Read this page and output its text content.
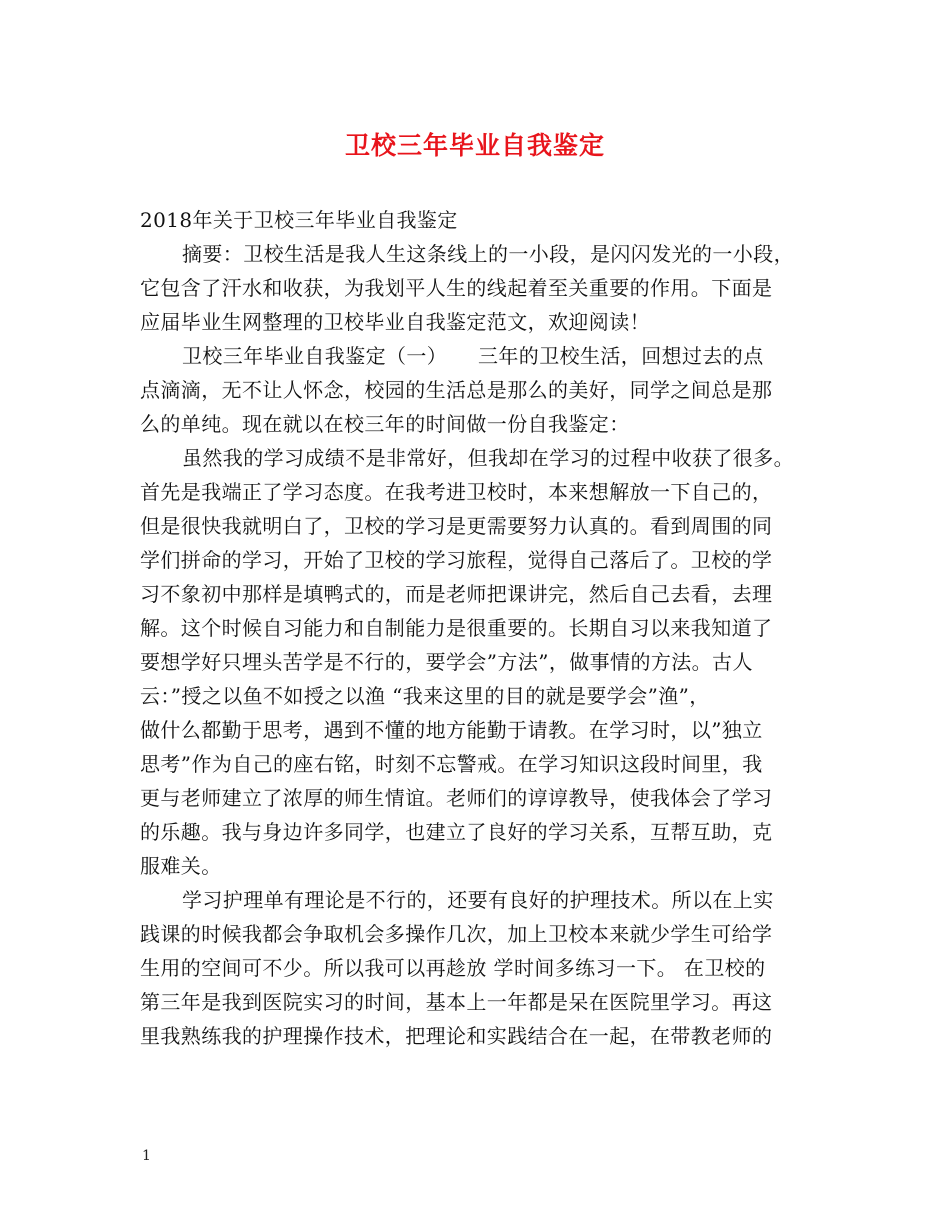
卫校三年毕业自我鉴定
2018年关于卫校三年毕业自我鉴定
摘要：卫校生活是我人生这条线上的一小段，是闪闪发光的一小段，
它包含了汗水和收获，为我划平人生的线起着至关重要的作用。下面是
应届毕业生网整理的卫校毕业自我鉴定范文，欢迎阅读！
卫校三年毕业自我鉴定（一）　　三年的卫校生活，回想过去的点
点滴滴，无不让人怀念，校园的生活总是那么的美好，同学之间总是那
么的单纯。现在就以在校三年的时间做一份自我鉴定：
虽然我的学习成绩不是非常好，但我却在学习的过程中收获了很多。
首先是我端正了学习态度。在我考进卫校时，本来想解放一下自己的，
但是很快我就明白了，卫校的学习是更需要努力认真的。看到周围的同
学们拼命的学习，开始了卫校的学习旅程，觉得自己落后了。卫校的学
习不象初中那样是填鸭式的，而是老师把课讲完，然后自己去看，去理
解。这个时候自习能力和自制能力是很重要的。长期自习以来我知道了
要想学好只埋头苦学是不行的，要学会”方法”，做事情的方法。古人
云：”授之以鱼不如授之以渔 “我来这里的目的就是要学会”渔”，
做什么都勤于思考，遇到不懂的地方能勤于请教。在学习时，以”独立
思考”作为自己的座右铭，时刻不忘警戒。在学习知识这段时间里，我
更与老师建立了浓厚的师生情谊。老师们的谆谆教导，使我体会了学习
的乐趣。我与身边许多同学，也建立了良好的学习关系，互帮互助，克
服难关。
学习护理单有理论是不行的，还要有良好的护理技术。所以在上实
践课的时候我都会争取机会多操作几次，加上卫校本来就少学生可给学
生用的空间可不少。所以我可以再趁放 学时间多练习一下。 在卫校的
第三年是我到医院实习的时间，基本上一年都是呆在医院里学习。再这
里我熟练我的护理操作技术，把理论和实践结合在一起，在带教老师的
1
